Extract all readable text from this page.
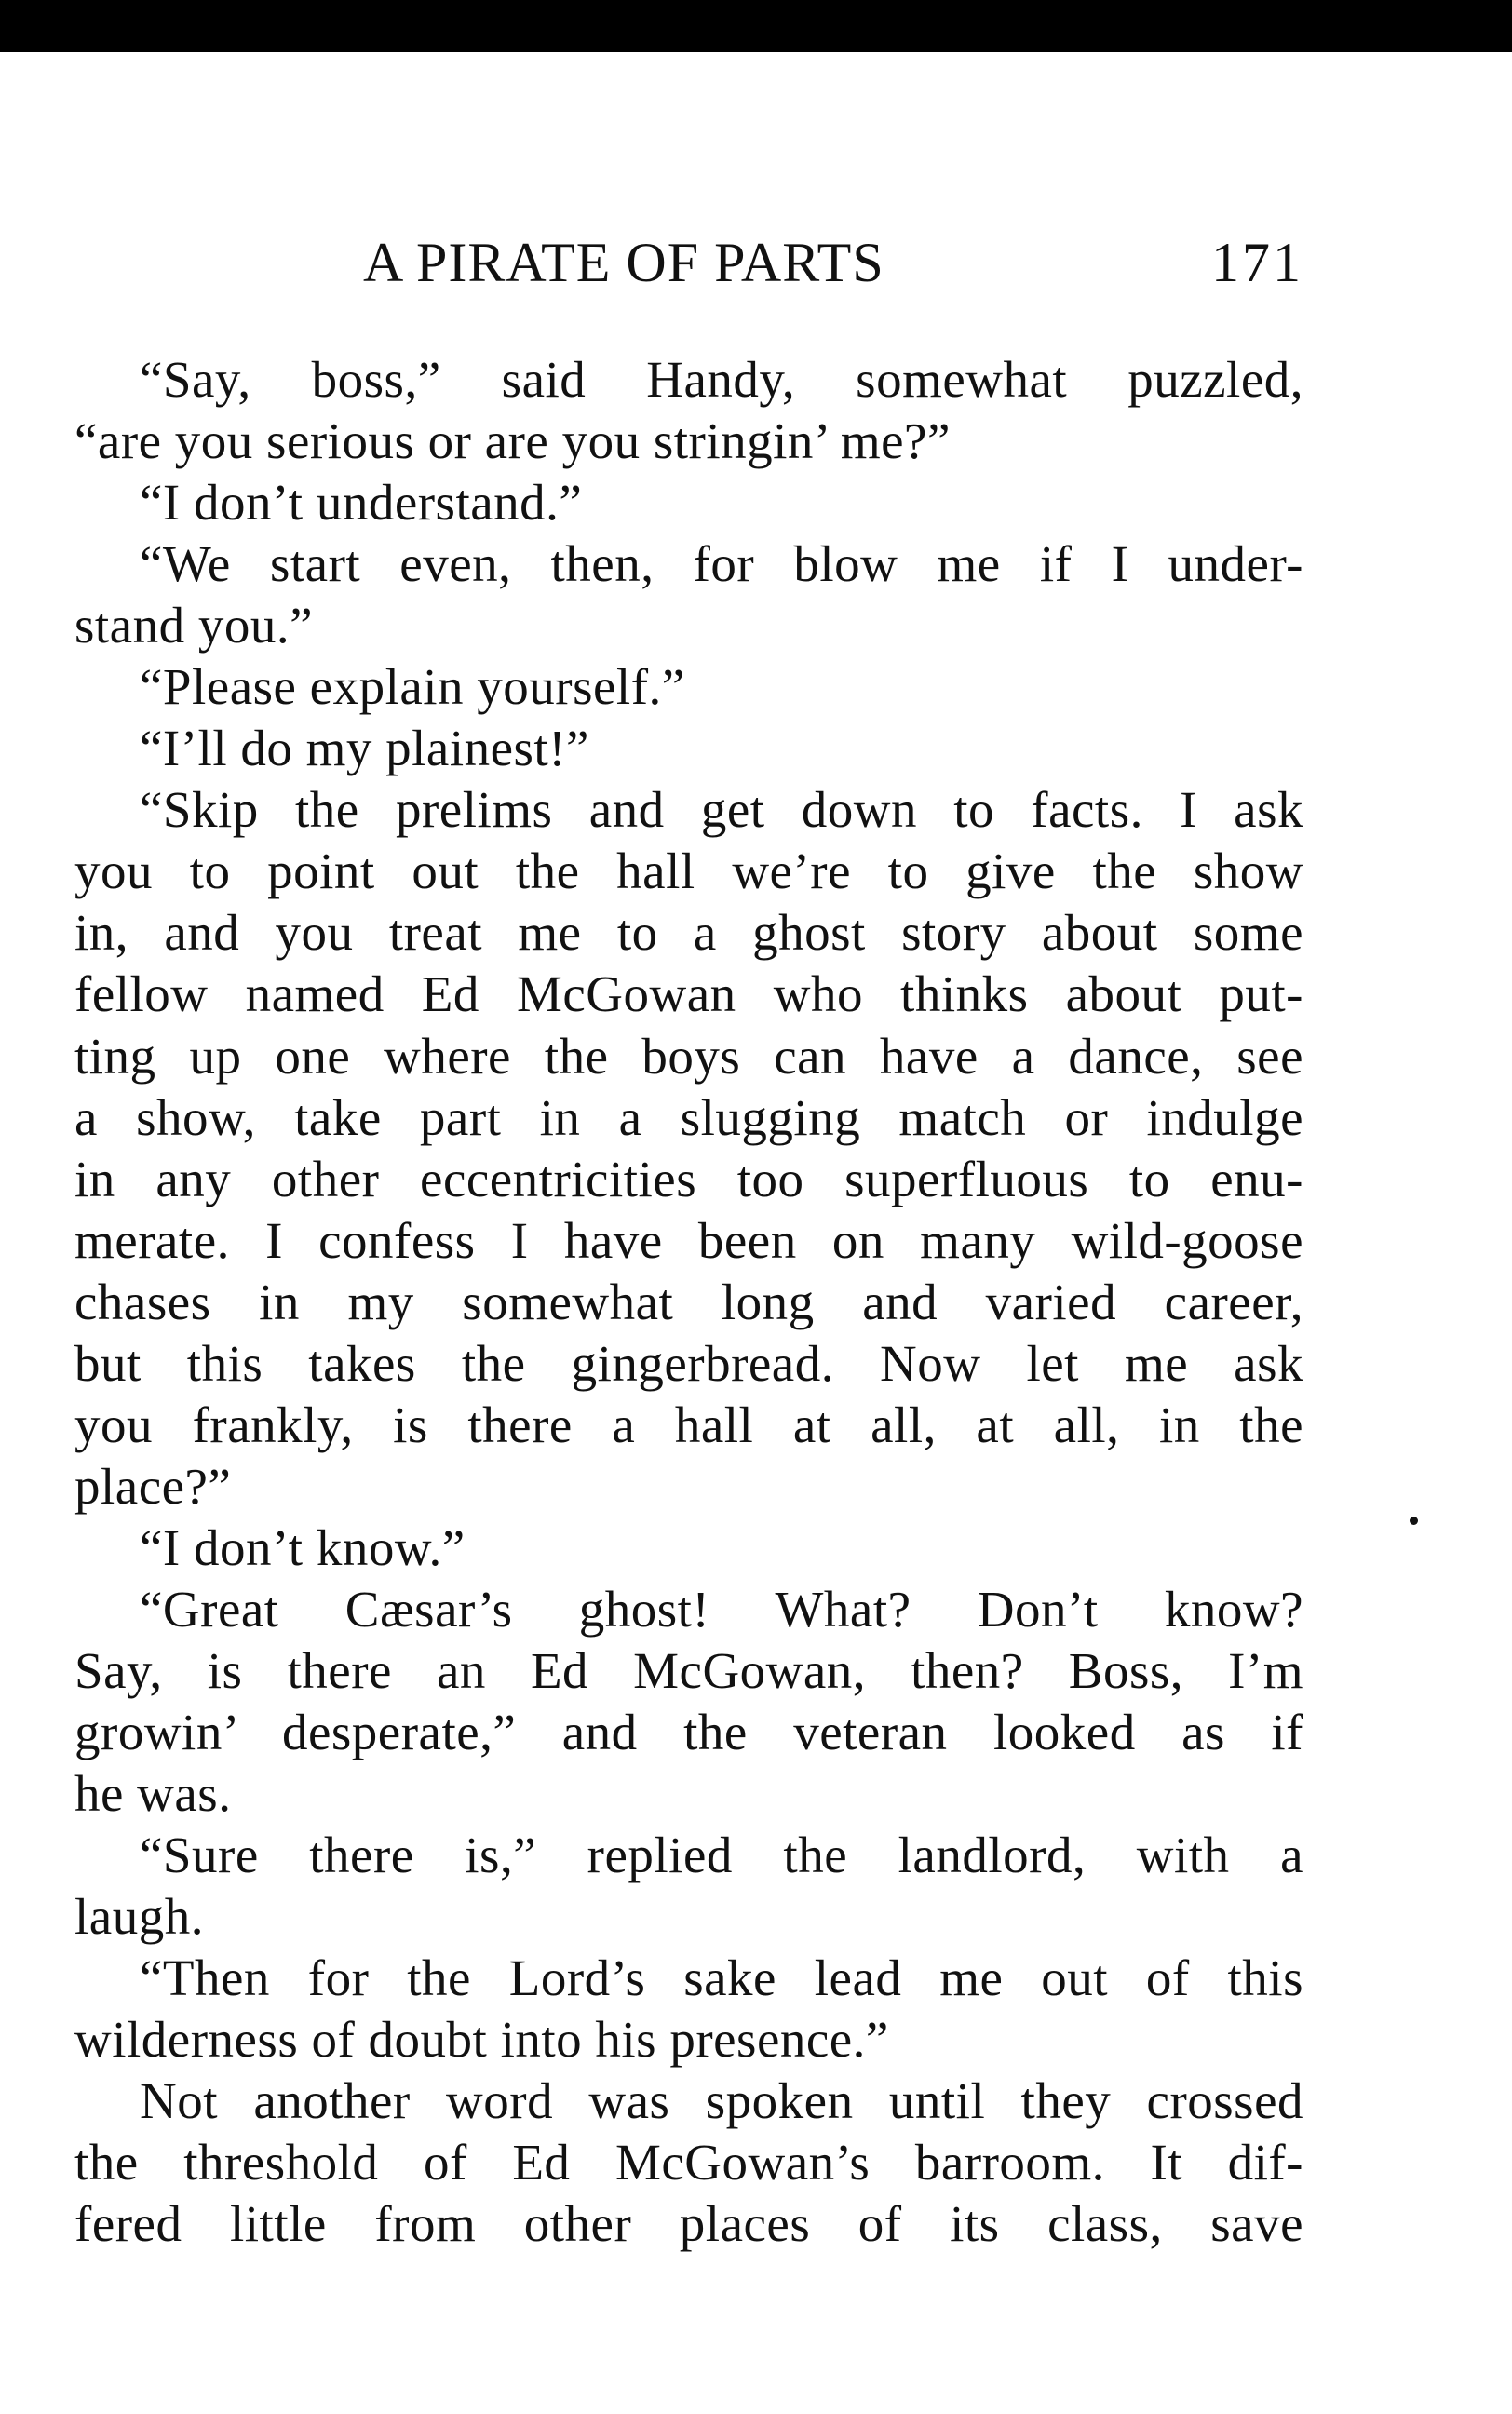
A PIRATE OF PARTS	171
“Say, boss,” said Handy, somewhat puzzled,
“are you serious or are you stringin’ me?”
“I don’t understand.”
“We start even, then, for blow me if I under-
stand you.”
“Please explain yourself.”
“I’ll do my plainest!”
“Skip the prelims and get down to facts. I ask
you to point out the hall we’re to give the show
in, and you treat me to a ghost story about some
fellow named Ed McGowan who thinks about put-
ting up one where the boys can have a dance, see
a show, take part in a slugging match or indulge
in any other eccentricities too superfluous to enu-
merate. I confess I have been on many wild-goose
chases in my somewhat long and varied career,
but this takes the gingerbread. Now let me ask
you frankly, is there a hall at all, at all, in the
place?”
“I don’t know.”
“Great Cæsar’s ghost! What? Don’t know?
Say, is there an Ed McGowan, then? Boss, I’m
growin’ desperate,” and the veteran looked as if
he was.
“Sure there is,” replied the landlord, with a
laugh.
“Then for the Lord’s sake lead me out of this
wilderness of doubt into his presence.”
Not another word was spoken until they crossed
the threshold of Ed McGowan’s barroom. It dif-
fered little from other places of its class, save
